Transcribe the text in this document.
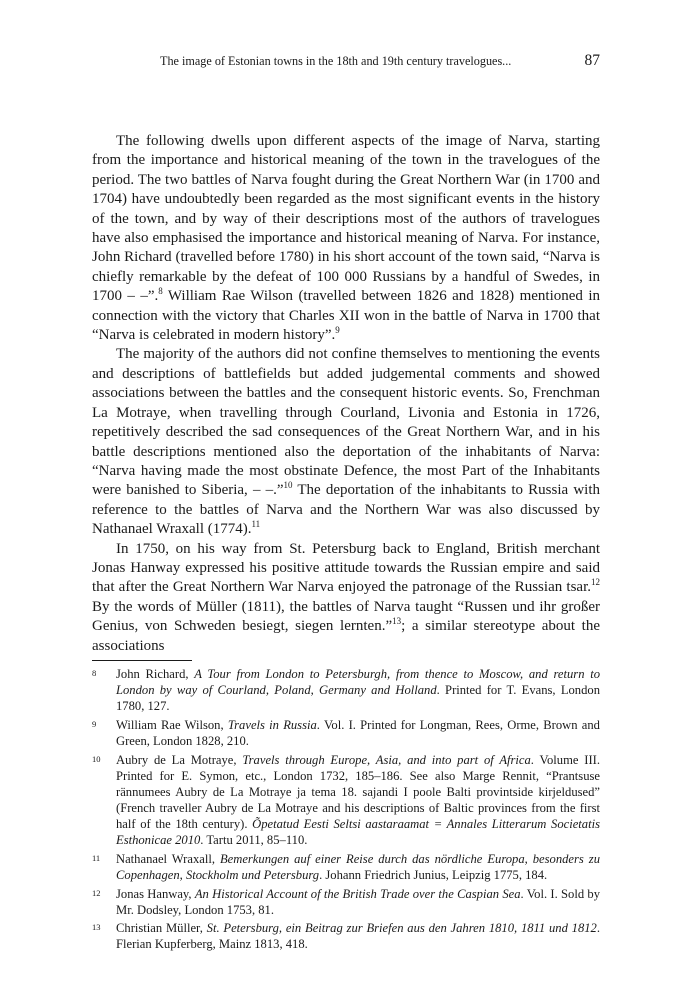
The image of Estonian towns in the 18th and 19th century travelogues...	87

The following dwells upon different aspects of the image of Narva, starting from the importance and historical meaning of the town in the travelogues of the period. The two battles of Narva fought during the Great Northern War (in 1700 and 1704) have undoubtedly been regarded as the most significant events in the history of the town, and by way of their descriptions most of the authors of travelogues have also emphasised the importance and historical meaning of Narva. For instance, John Richard (travelled before 1780) in his short account of the town said, “Narva is chiefly remarkable by the defeat of 100 000 Russians by a handful of Swedes, in 1700 – –”.$^8$ William Rae Wilson (travelled between 1826 and 1828) mentioned in connection with the victory that Charles XII won in the battle of Narva in 1700 that “Narva is celebrated in modern history”.$^9$

The majority of the authors did not confine themselves to mentioning the events and descriptions of battlefields but added judgemental comments and showed associations between the battles and the consequent historic events. So, Frenchman La Motraye, when travelling through Courland, Livonia and Estonia in 1726, repetitively described the sad consequences of the Great Northern War, and in his battle descriptions mentioned also the deportation of the inhabitants of Narva: “Narva having made the most obstinate Defence, the most Part of the Inhabitants were banished to Siberia, – –.”$^{10}$ The deportation of the inhabitants to Russia with reference to the battles of Narva and the Northern War was also discussed by Nathanael Wraxall (1774).$^{11}$

In 1750, on his way from St. Petersburg back to England, British merchant Jonas Hanway expressed his positive attitude towards the Russian empire and said that after the Great Northern War Narva enjoyed the patronage of the Russian tsar.$^{12}$ By the words of Müller (1811), the battles of Narva taught “Russen und ihr großer Genius, von Schweden besiegt, siegen lernten.”$^{13}$; a similar stereotype about the associations

8 John Richard, A Tour from London to Petersburgh, from thence to Moscow, and return to London by way of Courland, Poland, Germany and Holland. Printed for T. Evans, London 1780, 127.
9 William Rae Wilson, Travels in Russia. Vol. I. Printed for Longman, Rees, Orme, Brown and Green, London 1828, 210.
10 Aubry de La Motraye, Travels through Europe, Asia, and into part of Africa. Volume III. Printed for E. Symon, etc., London 1732, 185–186. See also Marge Rennit, “Prantsuse rännumees Aubry de La Motraye ja tema 18. sajandi I poole Balti provintside kirjeldused” (French traveller Aubry de La Motraye and his descriptions of Baltic provinces from the first half of the 18th century). Õpetatud Eesti Seltsi aastaraamat = Annales Litterarum Societatis Esthonicae 2010. Tartu 2011, 85–110.
11 Nathanael Wraxall, Bemerkungen auf einer Reise durch das nördliche Europa, besonders zu Copenhagen, Stockholm und Petersburg. Johann Friedrich Junius, Leipzig 1775, 184.
12 Jonas Hanway, An Historical Account of the British Trade over the Caspian Sea. Vol. I. Sold by Mr. Dodsley, London 1753, 81.
13 Christian Müller, St. Petersburg, ein Beitrag zur Briefen aus den Jahren 1810, 1811 und 1812. Flerian Kupferberg, Mainz 1813, 418.
